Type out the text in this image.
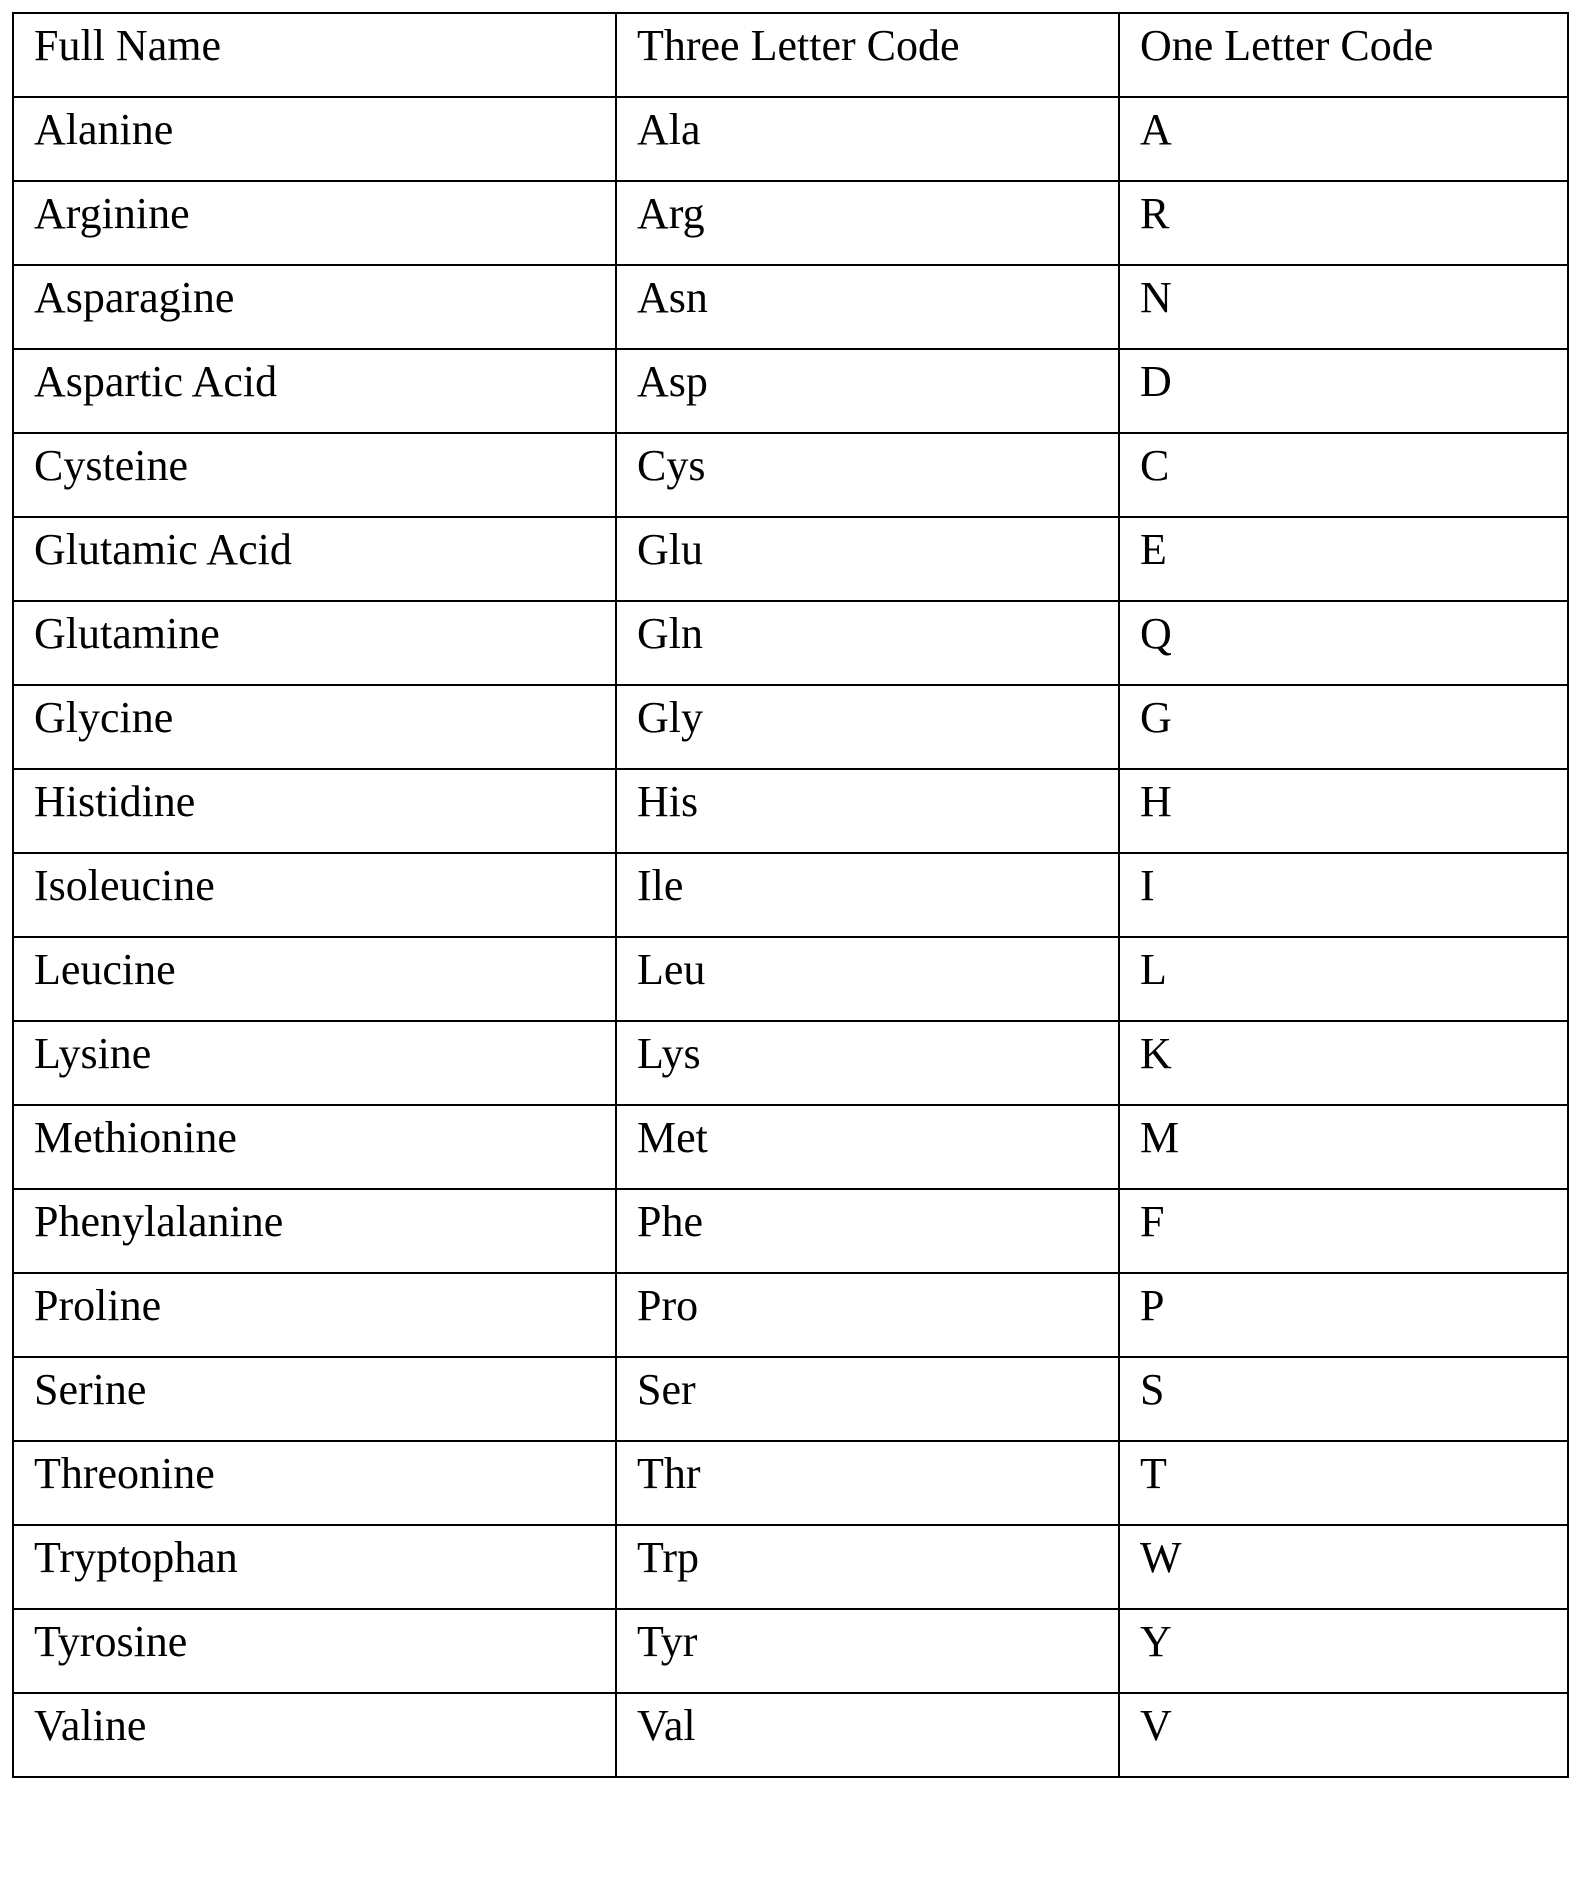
Full Name	Three Letter Code	One Letter Code

Alanine	Ala	A

Arginine	Arg	R

Asparagine	Asn	N

Aspartic Acid	Asp	D

Cysteine	Cys	C

Glutamic Acid	Glu	E

Glutamine	Gln	Q

Glycine	Gly	G

Histidine	His	H

Isoleucine	Ile	I

Leucine	Leu	L

Lysine	Lys	K

Methionine	Met	M

Phenylalanine	Phe	F

Proline	Pro	P

Serine	Ser	S

Threonine	Thr	T

Tryptophan	Trp	W

Tyrosine	Tyr	Y

Valine	Val	V
